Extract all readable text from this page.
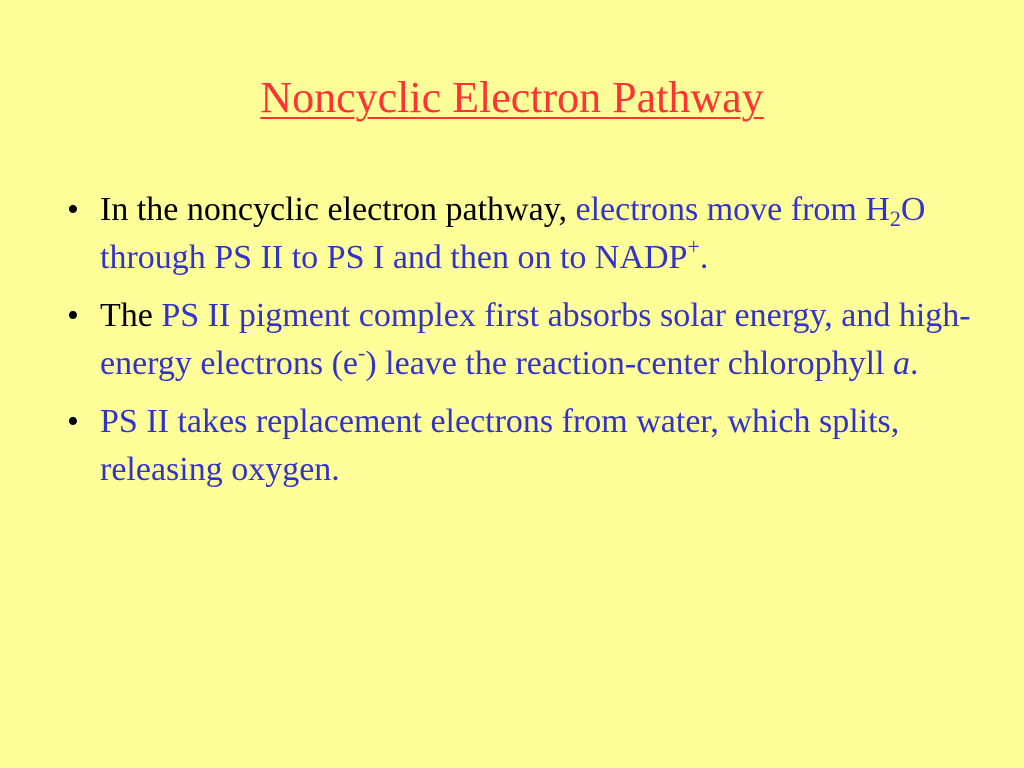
Noncyclic Electron Pathway
• In the noncyclic electron pathway, electrons move from $H_2O$ through PS II to PS I and then on to NADP+.
• The PS II pigment complex first absorbs solar energy, and high-energy electrons (e-) leave the reaction-center chlorophyll a.
• PS II takes replacement electrons from water, which splits, releasing oxygen.
